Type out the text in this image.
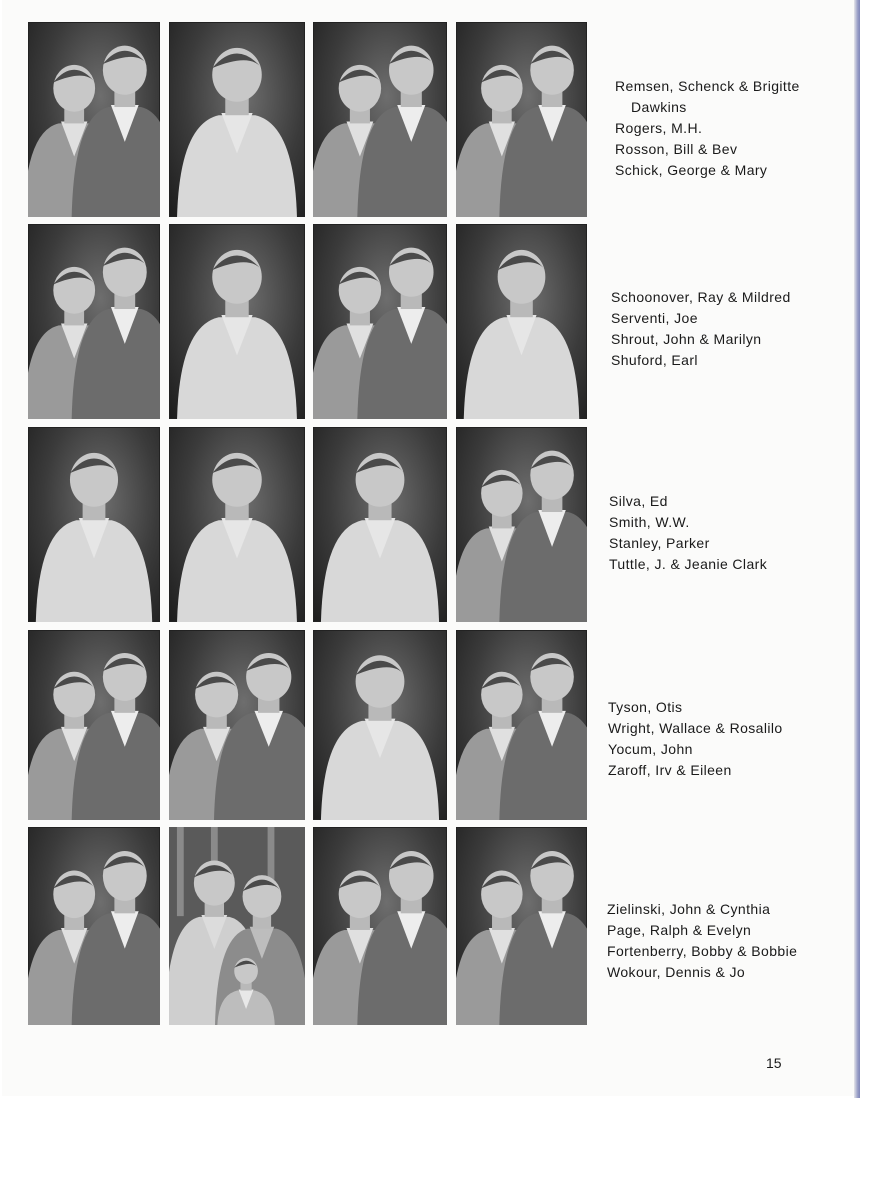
Remsen, Schenck & Brigitte
Dawkins
Rogers, M.H.
Rosson, Bill & Bev
Schick, George & Mary
Schoonover, Ray & Mildred
Serventi, Joe
Shrout, John & Marilyn
Shuford, Earl
Silva, Ed
Smith, W.W.
Stanley, Parker
Tuttle, J. & Jeanie Clark
Tyson, Otis
Wright, Wallace & Rosalilo
Yocum, John
Zaroff, Irv & Eileen
Zielinski, John & Cynthia
Page, Ralph & Evelyn
Fortenberry, Bobby & Bobbie
Wokour, Dennis & Jo
15
